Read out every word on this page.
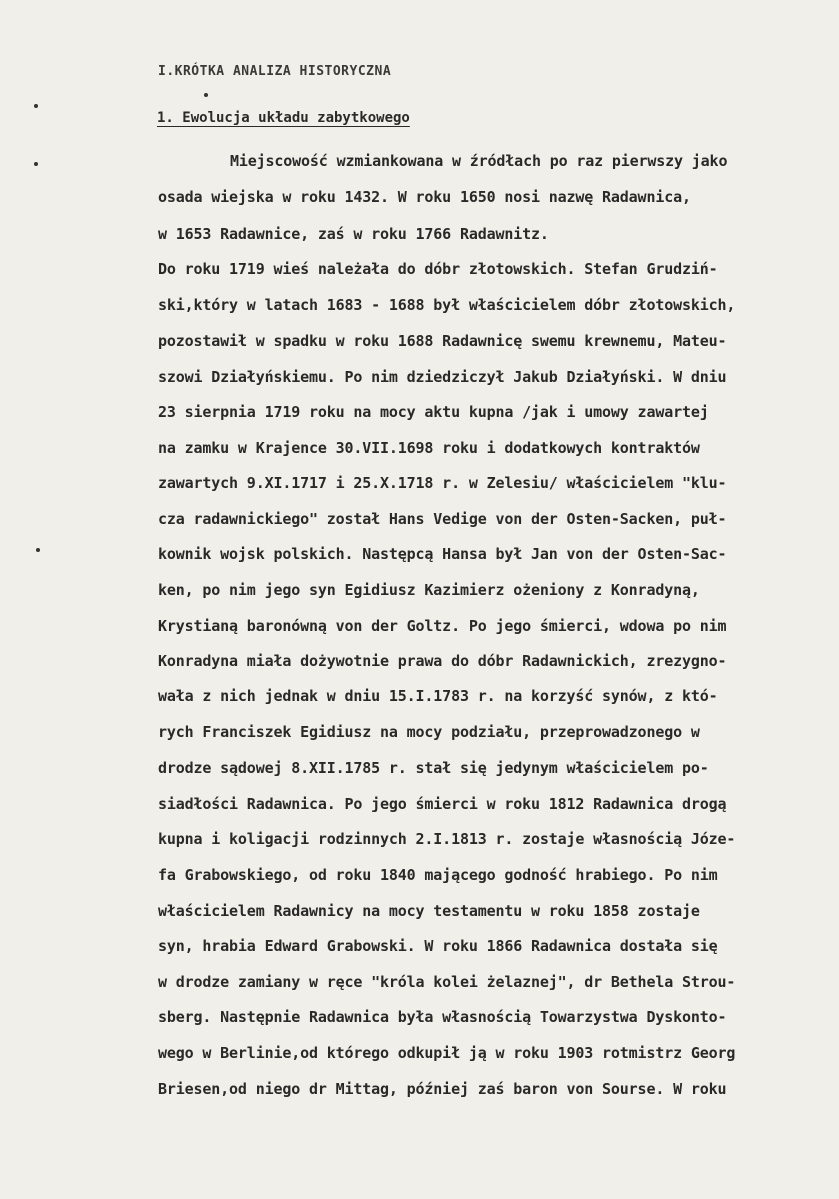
I.KRÓTKA ANALIZA HISTORYCZNA
1. Ewolucja układu zabytkowego
Miejscowość wzmiankowana w źródłach po raz pierwszy jako
osada wiejska w roku 1432. W roku 1650 nosi nazwę Radawnica,
w 1653 Radawnice, zaś w roku 1766 Radawnitz.
Do roku 1719 wieś należała do dóbr złotowskich. Stefan Grudziń-
ski,który w latach 1683 - 1688 był właścicielem dóbr złotowskich,
pozostawił w spadku w roku 1688 Radawnicę swemu krewnemu, Mateu-
szowi Działyńskiemu. Po nim dziedziczył Jakub Działyński. W dniu
23 sierpnia 1719 roku na mocy aktu kupna /jak i umowy zawartej
na zamku w Krajence 30.VII.1698 roku i dodatkowych kontraktów
zawartych 9.XI.1717 i 25.X.1718 r. w Zelesiu/ właścicielem "klu-
cza radawnickiego" został Hans Vedige von der Osten-Sacken, puł-
kownik wojsk polskich. Następcą Hansa był Jan von der Osten-Sac-
ken, po nim jego syn Egidiusz Kazimierz ożeniony z Konradyną,
Krystianą baronówną von der Goltz. Po jego śmierci, wdowa po nim
Konradyna miała dożywotnie prawa do dóbr Radawnickich, zrezygno-
wała z nich jednak w dniu 15.I.1783 r. na korzyść synów, z któ-
rych Franciszek Egidiusz na mocy podziału, przeprowadzonego w
drodze sądowej 8.XII.1785 r. stał się jedynym właścicielem po-
siadłości Radawnica. Po jego śmierci w roku 1812 Radawnica drogą
kupna i koligacji rodzinnych 2.I.1813 r. zostaje własnością Józe-
fa Grabowskiego, od roku 1840 mającego godność hrabiego. Po nim
właścicielem Radawnicy na mocy testamentu w roku 1858 zostaje
syn, hrabia Edward Grabowski. W roku 1866 Radawnica dostała się
w drodze zamiany w ręce "króla kolei żelaznej", dr Bethela Strou-
sberg. Następnie Radawnica była własnością Towarzystwa Dyskonto-
wego w Berlinie,od którego odkupił ją w roku 1903 rotmistrz Georg
Briesen,od niego dr Mittag, później zaś baron von Sourse. W roku
